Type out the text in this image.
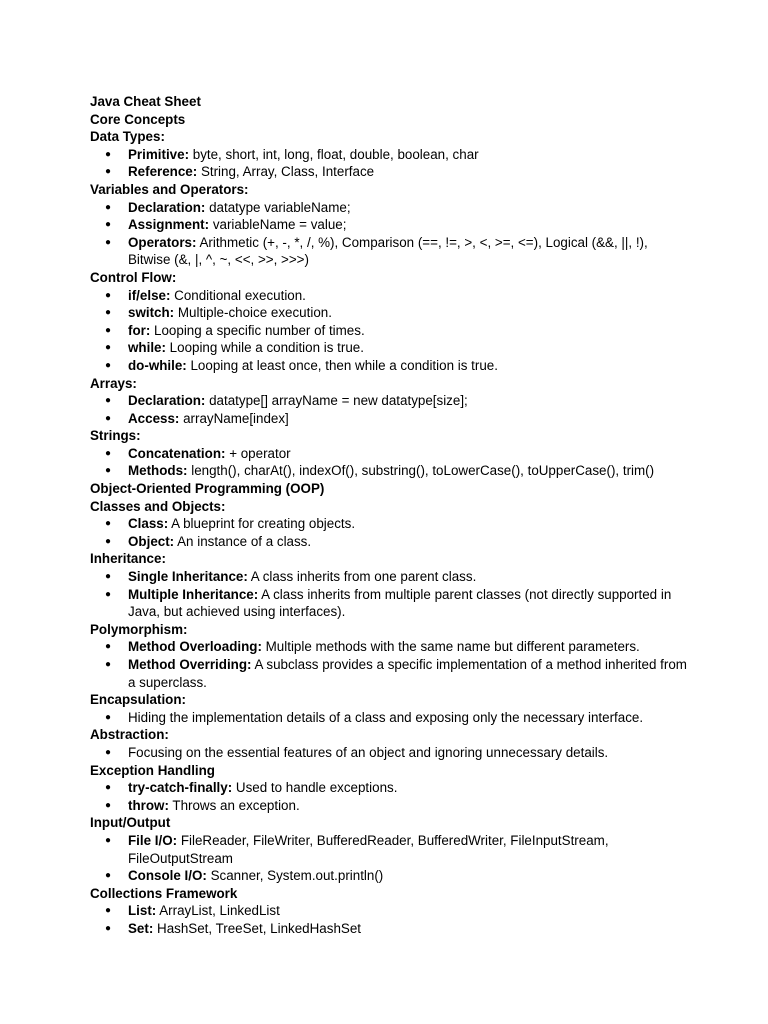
Java Cheat Sheet
Core Concepts
Data Types:
● Primitive: byte, short, int, long, float, double, boolean, char
● Reference: String, Array, Class, Interface
Variables and Operators:
● Declaration: datatype variableName;
● Assignment: variableName = value;
● Operators: Arithmetic (+, -, *, /, %), Comparison (==, !=, >, <, >=, <=), Logical (&&, ||, !), Bitwise (&, |, ^, ~, <<, >>, >>>)
Control Flow:
● if/else: Conditional execution.
● switch: Multiple-choice execution.
● for: Looping a specific number of times.
● while: Looping while a condition is true.
● do-while: Looping at least once, then while a condition is true.
Arrays:
● Declaration: datatype[] arrayName = new datatype[size];
● Access: arrayName[index]
Strings:
● Concatenation: + operator
● Methods: length(), charAt(), indexOf(), substring(), toLowerCase(), toUpperCase(), trim()
Object-Oriented Programming (OOP)
Classes and Objects:
● Class: A blueprint for creating objects.
● Object: An instance of a class.
Inheritance:
● Single Inheritance: A class inherits from one parent class.
● Multiple Inheritance: A class inherits from multiple parent classes (not directly supported in Java, but achieved using interfaces).
Polymorphism:
● Method Overloading: Multiple methods with the same name but different parameters.
● Method Overriding: A subclass provides a specific implementation of a method inherited from a superclass.
Encapsulation:
● Hiding the implementation details of a class and exposing only the necessary interface.
Abstraction:
● Focusing on the essential features of an object and ignoring unnecessary details.
Exception Handling
● try-catch-finally: Used to handle exceptions.
● throw: Throws an exception.
Input/Output
● File I/O: FileReader, FileWriter, BufferedReader, BufferedWriter, FileInputStream, FileOutputStream
● Console I/O: Scanner, System.out.println()
Collections Framework
● List: ArrayList, LinkedList
● Set: HashSet, TreeSet, LinkedHashSet
